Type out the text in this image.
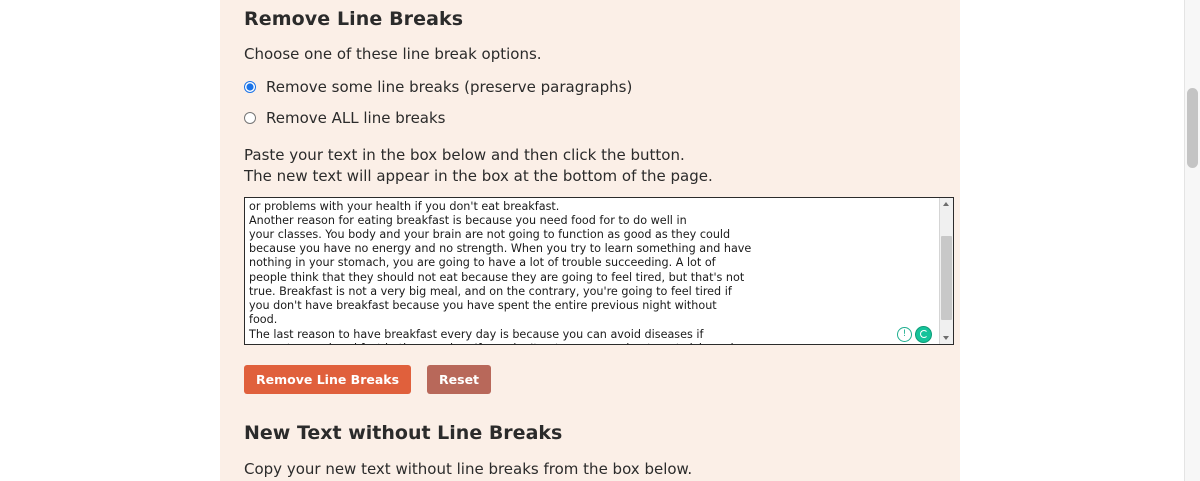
Remove Line Breaks

Choose one of these line break options.

Remove some line breaks (preserve paragraphs)
Remove ALL line breaks
Paste your text in the box below and then click the button.
The new text will appear in the box at the bottom of the page.
or problems with your health if you don't eat breakfast. Another reason for eating breakfast is because you need food for to do well in your classes. You body and your brain are not going to function as good as they could because you have no energy and no strength. When you try to learn something and have nothing in your stomach, you are going to have a lot of trouble succeeding. A lot of people think that they should not eat because they are going to feel tired, but that's not true. Breakfast is not a very big meal, and on the contrary, you're going to feel tired if you don't have breakfast because you have spent the entire previous night without food. The last reason to have breakfast every day is because you can avoid diseases if you eat some breakfast in the morning. If you don't eat, you are going to get sick, and these diseases will have a stronger effect on you because you're going to get sick easier than people who have breakfast every day.
!
Remove Line Breaks	Reset
New Text without Line Breaks

Copy your new text without line breaks from the box below.
